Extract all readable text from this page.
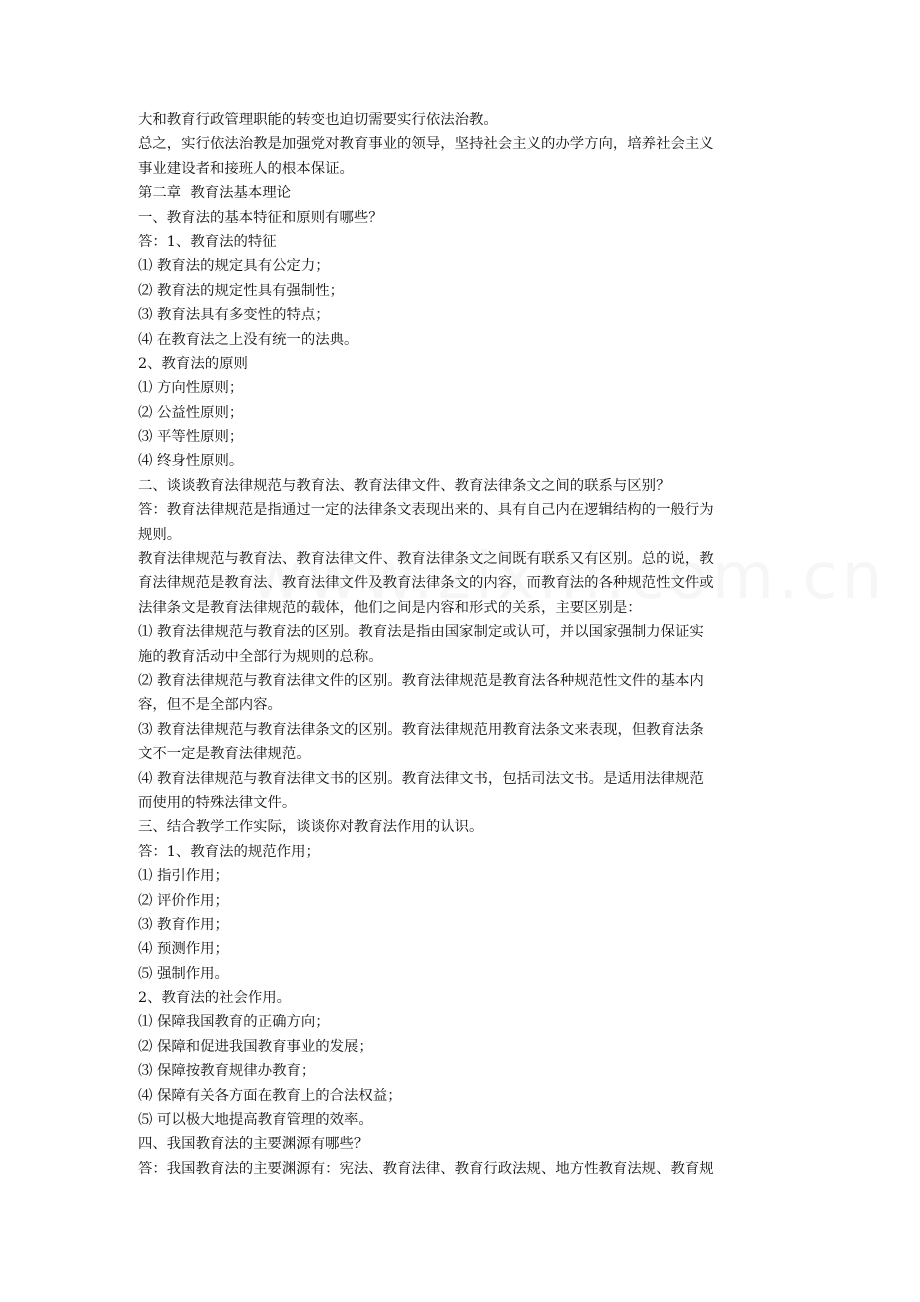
大和教育行政管理职能的转变也迫切需要实行依法治教。
总之，实行依法治教是加强党对教育事业的领导，坚持社会主义的办学方向，培养社会主义
事业建设者和接班人的根本保证。
第二章  教育法基本理论
一、教育法的基本特征和原则有哪些？
答：1、教育法的特征
⑴ 教育法的规定具有公定力；
⑵ 教育法的规定性具有强制性；
⑶ 教育法具有多变性的特点；
⑷ 在教育法之上没有统一的法典。
2、教育法的原则
⑴ 方向性原则；
⑵ 公益性原则；
⑶ 平等性原则；
⑷ 终身性原则。
二、谈谈教育法律规范与教育法、教育法律文件、教育法律条文之间的联系与区别？
答：教育法律规范是指通过一定的法律条文表现出来的、具有自己内在逻辑结构的一般行为
规则。
教育法律规范与教育法、教育法律文件、教育法律条文之间既有联系又有区别。总的说，教
育法律规范是教育法、教育法律文件及教育法律条文的内容，而教育法的各种规范性文件或
法律条文是教育法律规范的载体，他们之间是内容和形式的关系，主要区别是：
⑴ 教育法律规范与教育法的区别。教育法是指由国家制定或认可，并以国家强制力保证实
施的教育活动中全部行为规则的总称。
⑵ 教育法律规范与教育法律文件的区别。教育法律规范是教育法各种规范性文件的基本内
容，但不是全部内容。
⑶ 教育法律规范与教育法律条文的区别。教育法律规范用教育法条文来表现，但教育法条
文不一定是教育法律规范。
⑷ 教育法律规范与教育法律文书的区别。教育法律文书，包括司法文书。是适用法律规范
而使用的特殊法律文件。
三、结合教学工作实际，谈谈你对教育法作用的认识。
答：1、教育法的规范作用；
⑴ 指引作用；
⑵ 评价作用；
⑶ 教育作用；
⑷ 预测作用；
⑸ 强制作用。
2、教育法的社会作用。
⑴ 保障我国教育的正确方向；
⑵ 保障和促进我国教育事业的发展；
⑶ 保障按教育规律办教育；
⑷ 保障有关各方面在教育上的合法权益；
⑸ 可以极大地提高教育管理的效率。
四、我国教育法的主要渊源有哪些？
答：我国教育法的主要渊源有：宪法、教育法律、教育行政法规、地方性教育法规、教育规
